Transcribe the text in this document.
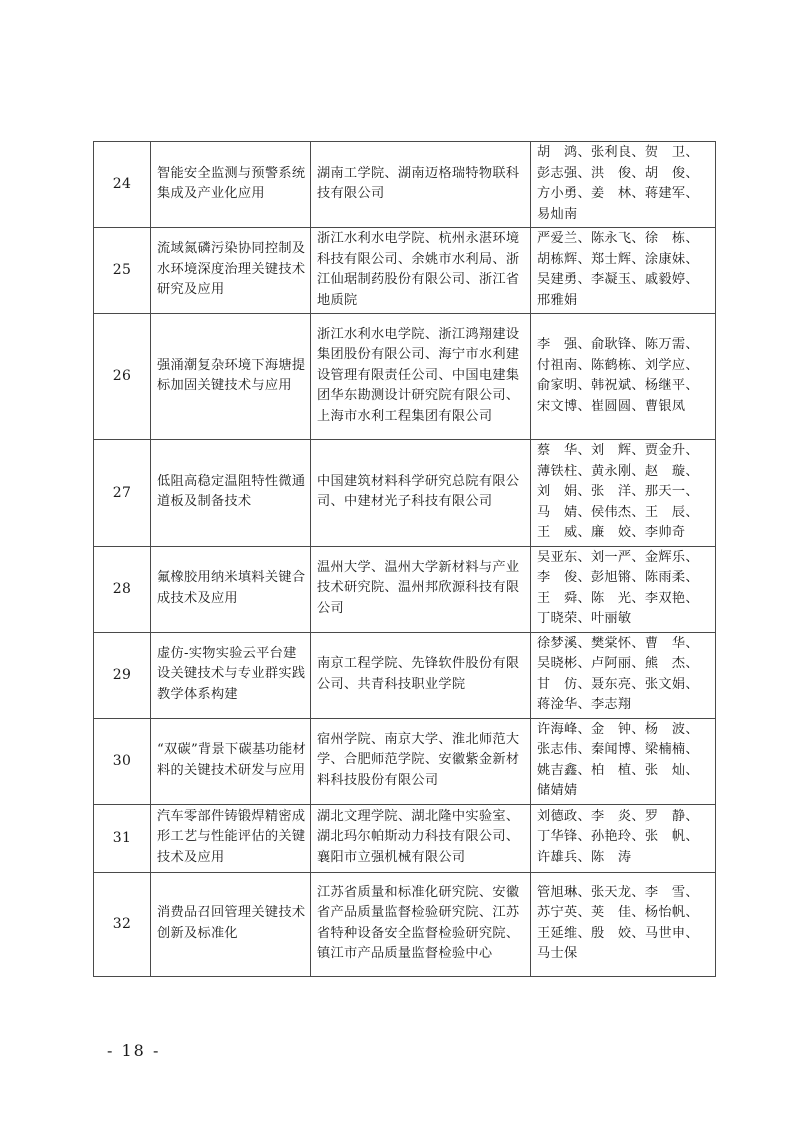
24	智能安全监测与预警系统集成及产业化应用	湖南工学院、湖南迈格瑞特物联科技有限公司	胡　鸿、张利良、贺　卫、彭志强、洪　俊、胡　俊、方小勇、姜　林、蒋建军、易灿南
25	流域氮磷污染协同控制及水环境深度治理关键技术研究及应用	浙江水利水电学院、杭州永湛环境科技有限公司、余姚市水利局、浙江仙琚制药股份有限公司、浙江省地质院	严爱兰、陈永飞、徐　栋、胡栋辉、郑士辉、涂康妹、吴建勇、李凝玉、戚毅婷、邢雅娟
26	强涌潮复杂环境下海塘提标加固关键技术与应用	浙江水利水电学院、浙江鸿翔建设集团股份有限公司、海宁市水利建设管理有限责任公司、中国电建集团华东勘测设计研究院有限公司、上海市水利工程集团有限公司	李　强、俞耿锋、陈万需、付祖南、陈鹤栋、刘学应、俞家明、韩祝斌、杨继平、宋文博、崔圆圆、曹银凤
27	低阻高稳定温阻特性微通道板及制备技术	中国建筑材料科学研究总院有限公司、中建材光子科技有限公司	蔡　华、刘　辉、贾金升、薄铁柱、黄永刚、赵　璇、刘　娟、张　洋、那天一、马　婧、侯伟杰、王　辰、王　威、廉　姣、李帅奇
28	氟橡胶用纳米填料关键合成技术及应用	温州大学、温州大学新材料与产业技术研究院、温州邦欣源科技有限公司	吴亚东、刘一严、金辉乐、李　俊、彭旭锵、陈雨柔、王　舜、陈　光、李双艳、丁晓荣、叶丽敏
29	虚仿-实物实验云平台建设关键技术与专业群实践教学体系构建	南京工程学院、先锋软件股份有限公司、共青科技职业学院	徐梦溪、樊棠怀、曹　华、吴晓彬、卢阿丽、熊　杰、甘　仿、聂东亮、张文娟、蒋淦华、李志翔
30	“双碳”背景下碳基功能材料的关键技术研发与应用	宿州学院、南京大学、淮北师范大学、合肥师范学院、安徽紫金新材料科技股份有限公司	许海峰、金　钟、杨　波、张志伟、秦闻博、梁楠楠、姚吉鑫、柏　植、张　灿、储婧婧
31	汽车零部件铸锻焊精密成形工艺与性能评估的关键技术及应用	湖北文理学院、湖北隆中实验室、湖北玛尔帕斯动力科技有限公司、襄阳市立强机械有限公司	刘德政、李　炎、罗　静、丁华锋、孙艳玲、张　帆、许雄兵、陈　涛
32	消费品召回管理关键技术创新及标准化	江苏省质量和标准化研究院、安徽省产品质量监督检验研究院、江苏省特种设备安全监督检验研究院、镇江市产品质量监督检验中心	管旭琳、张天龙、李　雪、苏宁英、荚　佳、杨怡帆、王延维、殷　姣、马世申、马士保
- 18 -
